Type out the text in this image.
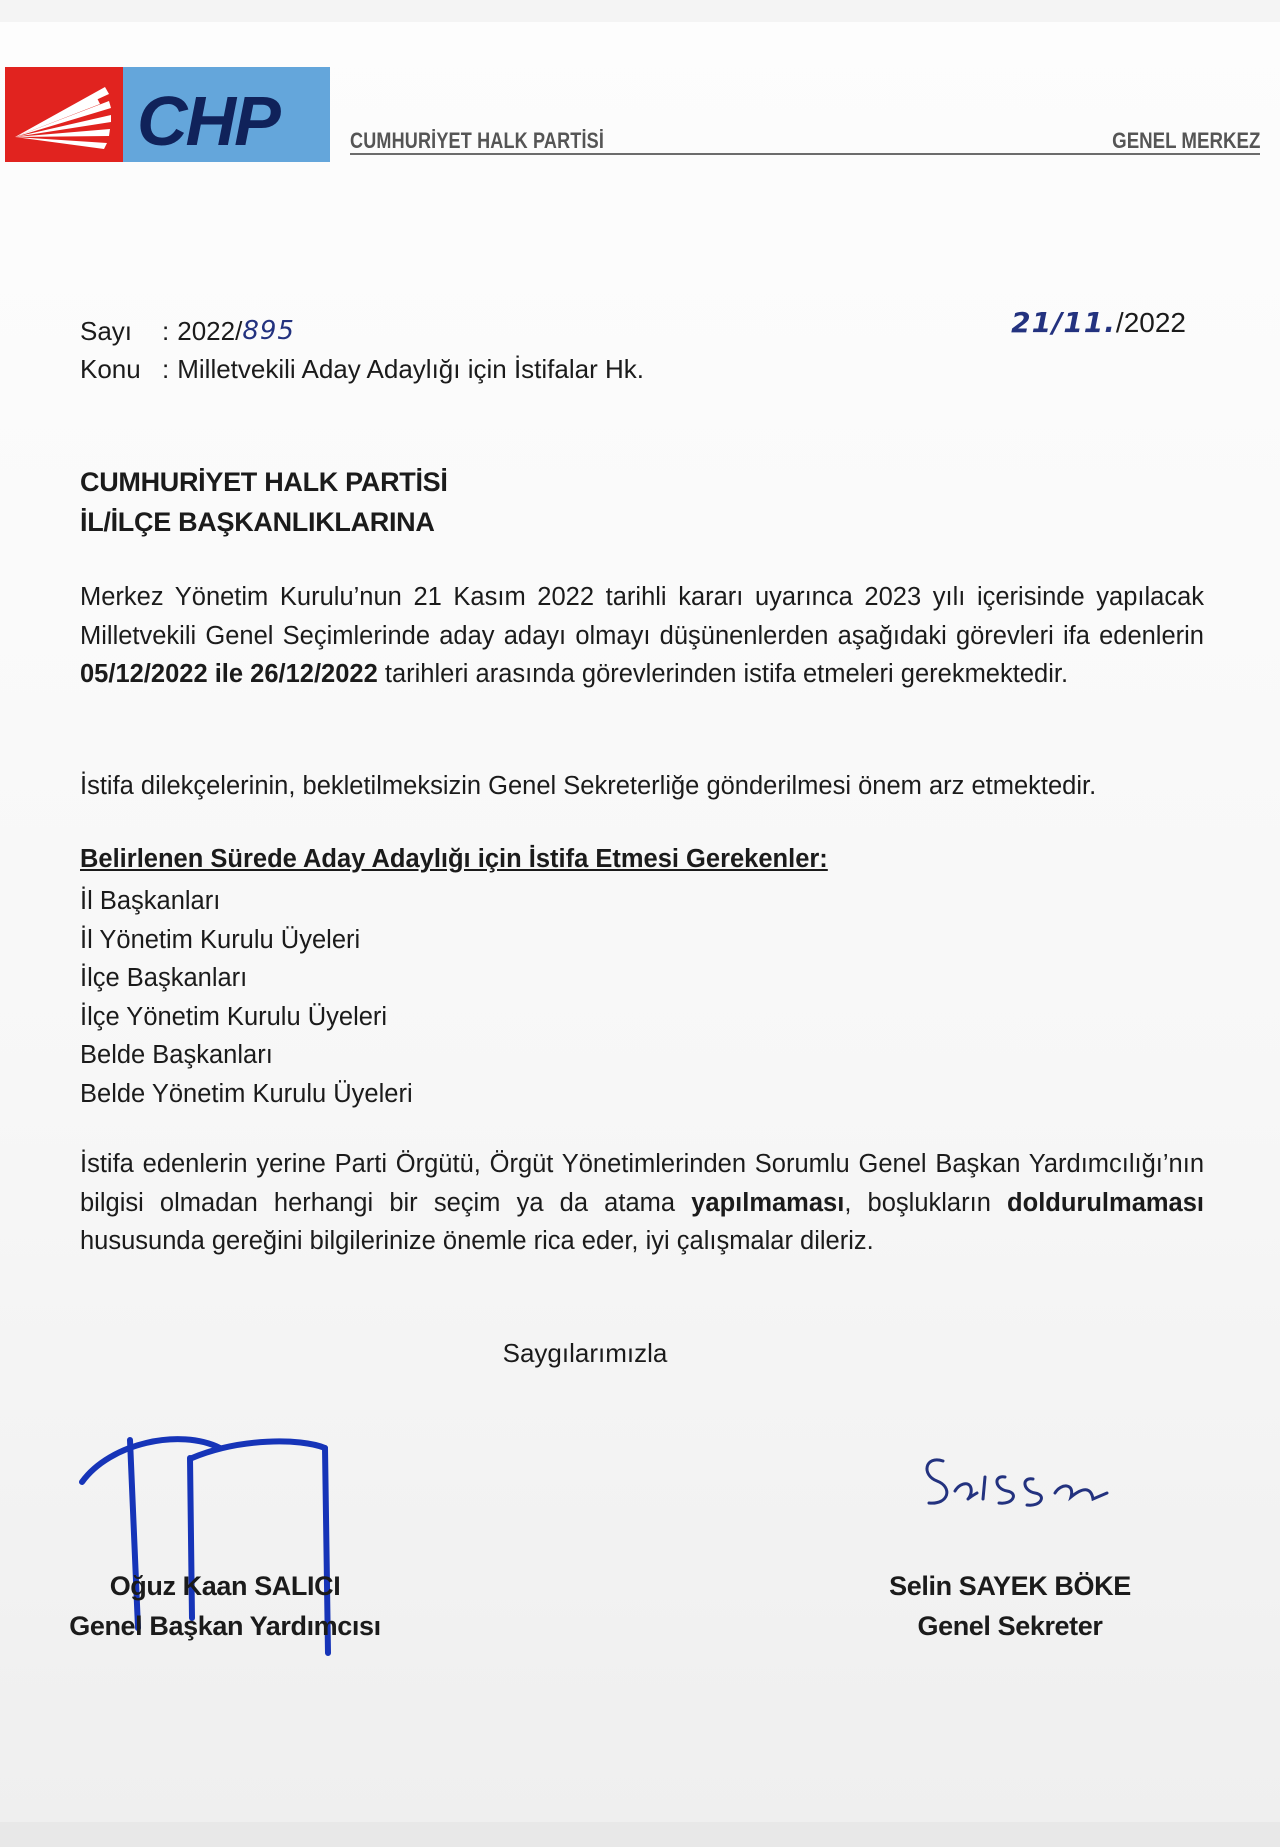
CHP	CUMHURİYET HALK PARTİSİ	GENEL MERKEZ
Sayı	: 2022/ 895
Konu : Milletvekili Aday Adaylığı için İstifalar Hk.
21/11./2022
CUMHURİYET HALK PARTİSİ
İL/İLÇE BAŞKANLIKLARINA
Merkez Yönetim Kurulu’nun 21 Kasım 2022 tarihli kararı uyarınca 2023 yılı içerisinde yapılacak Milletvekili Genel Seçimlerinde aday adayı olmayı düşünenlerden aşağıdaki görevleri ifa edenlerin 05/12/2022 ile 26/12/2022 tarihleri arasında görevlerinden istifa etmeleri gerekmektedir.
İstifa dilekçelerinin, bekletilmeksizin Genel Sekreterliğe gönderilmesi önem arz etmektedir.
Belirlenen Sürede Aday Adaylığı için İstifa Etmesi Gerekenler:
İl Başkanları
İl Yönetim Kurulu Üyeleri
İlçe Başkanları
İlçe Yönetim Kurulu Üyeleri
Belde Başkanları
Belde Yönetim Kurulu Üyeleri
İstifa edenlerin yerine Parti Örgütü, Örgüt Yönetimlerinden Sorumlu Genel Başkan Yardımcılığı’nın bilgisi olmadan herhangi bir seçim ya da atama yapılmaması, boşlukların doldurulmaması hususunda gereğini bilgilerinize önemle rica eder, iyi çalışmalar dileriz.
Saygılarımızla
Oğuz Kaan SALICI
Genel Başkan Yardımcısı
Selin SAYEK BÖKE
Genel Sekreter
